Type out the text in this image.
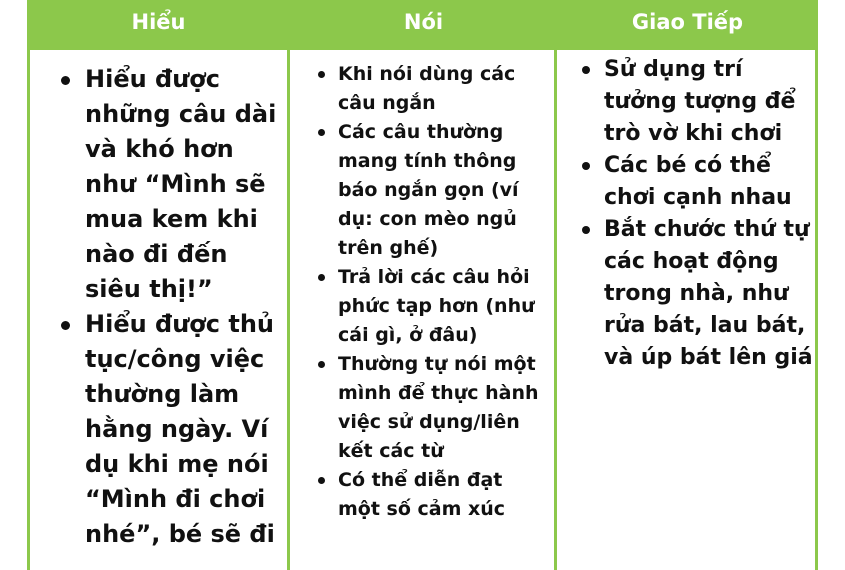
Hiểu	Nói	Giao Tiếp
Hiểu được những câu dài và khó hơn như “Mình sẽ mua kem khi nào đi đến siêu thị!”
Hiểu được thủ tục/công việc thường làm hằng ngày. Ví dụ khi mẹ nói “Mình đi chơi nhé”, bé sẽ đi
Khi nói dùng các câu ngắn
Các câu thường mang tính thông báo ngắn gọn (ví dụ: con mèo ngủ trên ghế)
Trả lời các câu hỏi phức tạp hơn (như cái gì, ở đâu)
Thường tự nói một mình để thực hành việc sử dụng/liên kết các từ
Có thể diễn đạt một số cảm xúc
Sử dụng trí tưởng tượng để trò vờ khi chơi
Các bé có thể chơi cạnh nhau
Bắt chước thứ tự các hoạt động trong nhà, như rửa bát, lau bát, và úp bát lên giá
